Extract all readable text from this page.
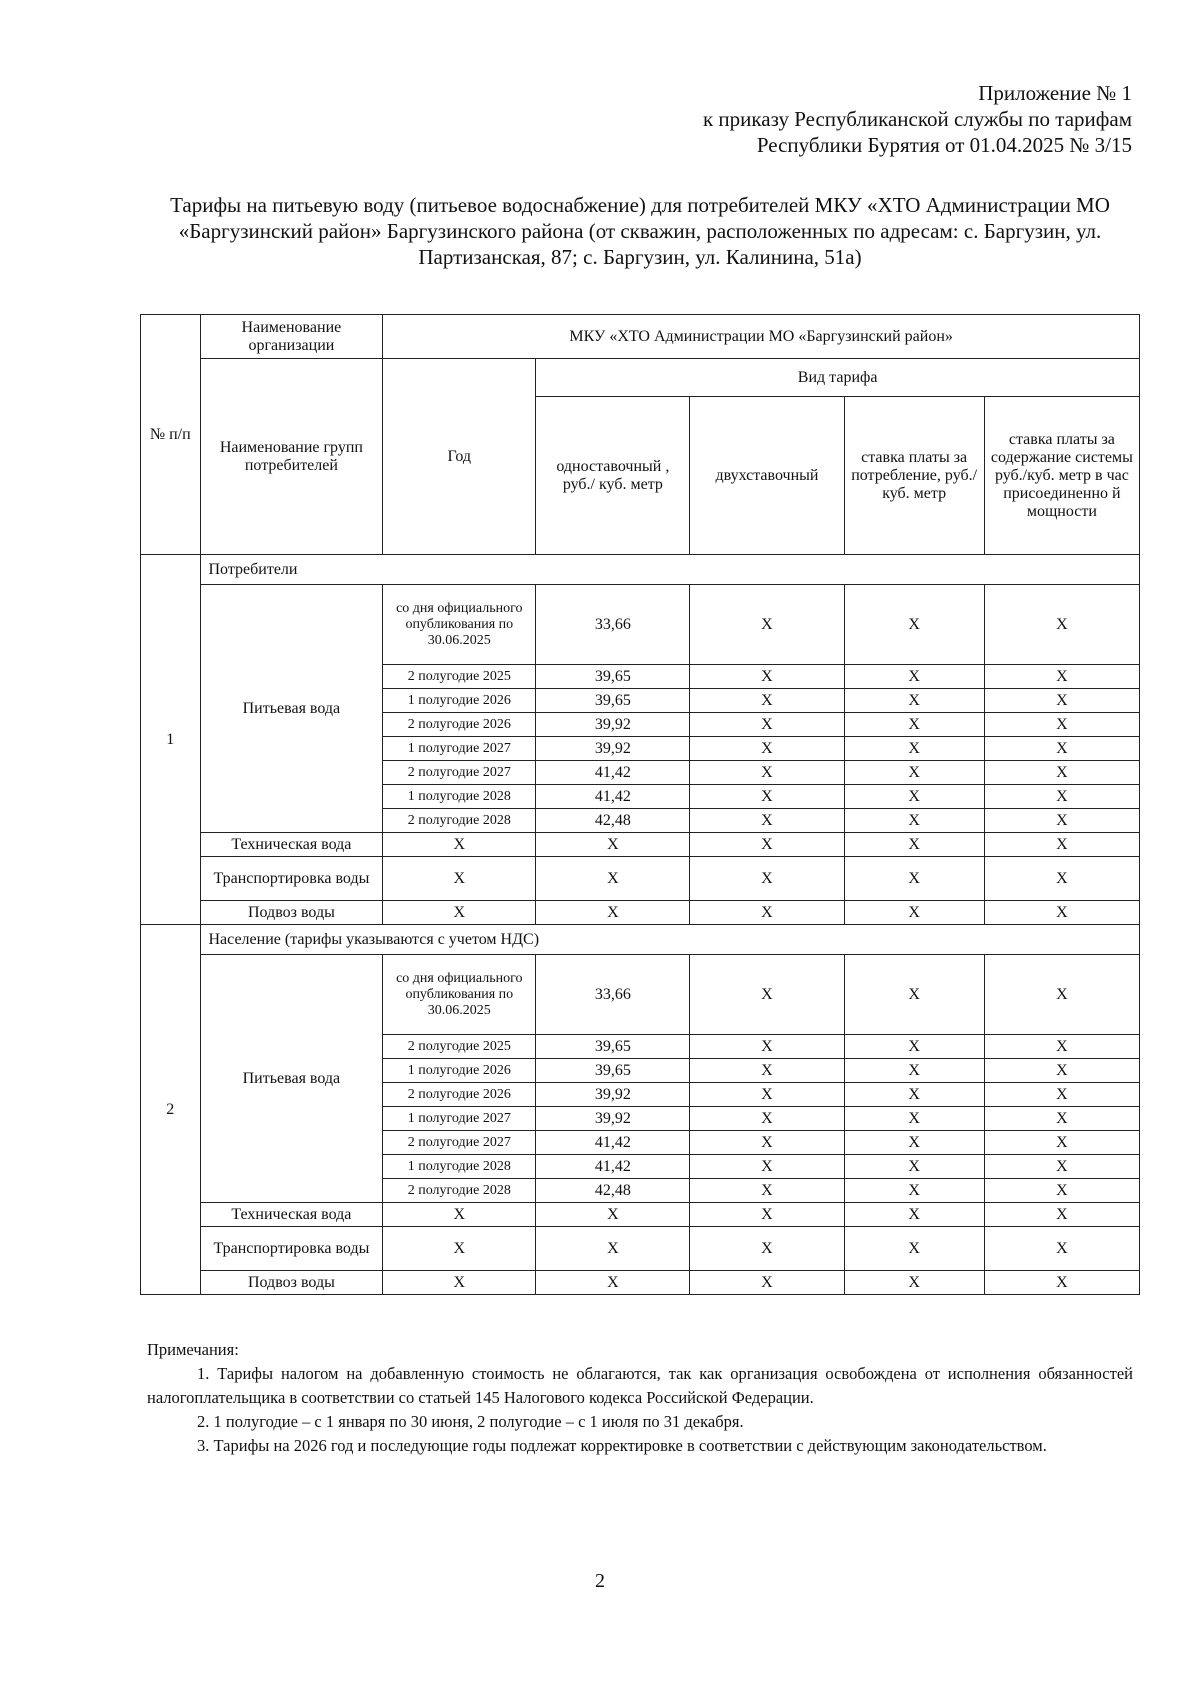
Приложение № 1
к приказу Республиканской службы по тарифам
Республики Бурятия от 01.04.2025 № 3/15
Тарифы на питьевую воду (питьевое водоснабжение) для потребителей МКУ «ХТО Администрации МО «Баргузинский район» Баргузинского района (от скважин, расположенных по адресам: с. Баргузин, ул. Партизанская, 87; с. Баргузин, ул. Калинина, 51а)
№ п/п	Наименование организации	МКУ «ХТО Администрации МО «Баргузинский район»				
	Наименование групп потребителей	Год	Вид тарифа			
			одноставочный , руб./ куб. метр	двухставочный	ставка платы за потребление, руб./ куб. метр	ставка платы за содержание системы руб./куб. метр в час присоединенно й мощности
1	Потребители					
	Питьевая вода	со дня официального опубликования по 30.06.2025	33,66	X	X	X
		2 полугодие 2025	39,65	X	X	X
		1 полугодие 2026	39,65	X	X	X
		2 полугодие 2026	39,92	X	X	X
		1 полугодие 2027	39,92	X	X	X
		2 полугодие 2027	41,42	X	X	X
		1 полугодие 2028	41,42	X	X	X
		2 полугодие 2028	42,48	X	X	X
	Техническая вода	X	X	X	X	X
	Транспортировка воды	X	X	X	X	X
	Подвоз воды	X	X	X	X	X
2	Население (тарифы указываются с учетом НДС)					
	Питьевая вода	со дня официального опубликования по 30.06.2025	33,66	X	X	X
		2 полугодие 2025	39,65	X	X	X
		1 полугодие 2026	39,65	X	X	X
		2 полугодие 2026	39,92	X	X	X
		1 полугодие 2027	39,92	X	X	X
		2 полугодие 2027	41,42	X	X	X
		1 полугодие 2028	41,42	X	X	X
		2 полугодие 2028	42,48	X	X	X
	Техническая вода	X	X	X	X	X
	Транспортировка воды	X	X	X	X	X
	Подвоз воды	X	X	X	X	X

Примечания:

1. Тарифы налогом на добавленную стоимость не облагаются, так как организация освобождена от исполнения обязанностей налогоплательщика в соответствии со статьей 145 Налогового кодекса Российской Федерации.

2. 1 полугодие – с 1 января по 30 июня, 2 полугодие – с 1 июля по 31 декабря.

3. Тарифы на 2026 год и последующие годы подлежат корректировке в соответствии с действующим законодательством.

2
